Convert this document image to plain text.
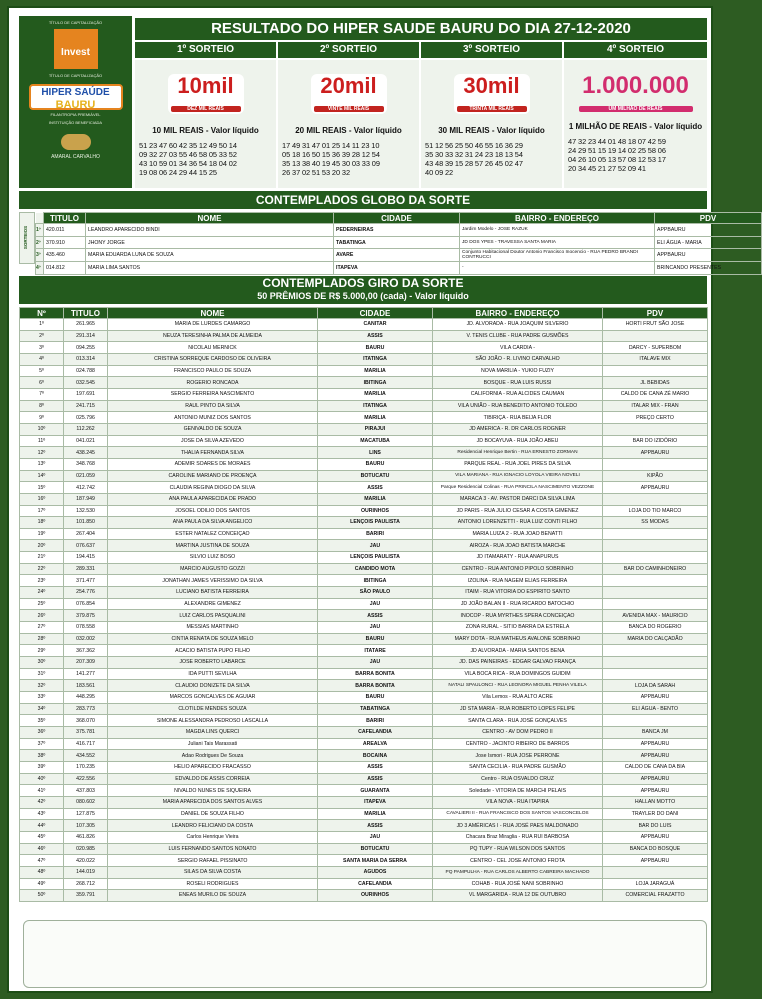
TÍTULO DE CAPITALIZAÇÃO
Invest
TÍTULO DE CAPITALIZAÇÃO
HIPER SAÚDE
BAURU
FILANTROPIA PREMIÁVEL
INSTITUIÇÃO BENEFICIADA
AMARAL CARVALHO
RESULTADO DO HIPER SAUDE BAURU DO DIA 27-12-2020
1º SORTEIO	2º SORTEIO	3º SORTEIO	4º SORTEIO
10mil
DEZ MIL REAIS
10 MIL REAIS - Valor líquido
51 23 47 60 42 35 12 49 50 14
09 32 27 03 55 46 58 05 33 52
43 10 59 01 34 36 54 18 04 02
19 08 06 24 29 44 15 25
20mil
VINTE MIL REAIS
20 MIL REAIS - Valor líquido
17 49 31 47 01 25 14 11 23 10
05 18 16 50 15 36 39 28 12 54
35 13 38 40 19 45 30 03 33 09
26 37 02 51 53 20 32
30mil
TRINTA MIL REAIS
30 MIL REAIS - Valor líquido
51 12 56 25 50 46 55 16 36 29
35 30 33 32 31 24 23 18 13 54
43 48 39 15 28 57 26 45 02 47
40 09 22
1.000.000
UM MILHÃO DE REAIS
1 MILHÃO DE REAIS - Valor líquido
47 32 23 44 01 48 18 07 42 59
24 29 51 15 19 14 02 25 58 06
04 26 10 05 13 57 08 12 53 17
20 34 45 21 27 52 09 41
CONTEMPLADOS GLOBO DA SORTE
SORTEIOS
	TITULO	NOME	CIDADE	BAIRRO - ENDEREÇO	PDV
1º	420.011	LEANDRO APARECIDO BINDI	PEDERNEIRAS	Jardim Modelo - JOSE RAZUK	APPBAURU
2º	370.910	JHONY JORGE	TABATINGA	JD DOS YPES - TRAVESSA SANTA MARIA	ELI ÁGUA - MARIA
3º	435.460	MARIA EDUARDA LUNA DE SOUZA	AVARE	Conjunto Habitacional Doutor Antonio Francisco Inocencio - RUA PEDRO BRANDI CONTRUCCI	APPBAURU
4º	014.812	MARIA LIMA SANTOS	ITAPEVA	-	BRINCANDO PRESENTES
CONTEMPLADOS GIRO DA SORTE
50 PRÊMIOS DE R$ 5.000,00 (cada) - Valor líquido
Nº	TITULO	NOME	CIDADE	BAIRRO - ENDEREÇO	PDV
1º	261.965	MARIA DE LURDES CAMARGO	CANITAR	JD. ALVORADA - RUA JOAQUIM SILVERIO	HORTI FRUT SÃO JOSE
2º	291.314	NEUZA TERESINHA PALMA DE ALMEIDA	ASSIS	V. TENIS CLUBE - RUA PADRE GUSMÕES	
3º	094.255	NICOLAU MERNICK	BAURU	VILA CARDIA -	DARCY - SUPERBOM
4º	013.314	CRISTINA SORREQUE CARDOSO DE OLIVEIRA	ITATINGA	SÃO JOÃO - R. LIVINO CARVALHO	ITALAVE MIX
5º	024.788	FRANCISCO PAULO DE SOUZA	MARILIA	NOVA MARILIA - YUKIO FUZIY	
6º	032.545	ROGERIO RONCADA	IBITINGA	BOSQUE - RUA LUIS RUSSI	JL BEBIDAS
7º	197.691	SERGIO FERREIRA NASCIMENTO	MARILIA	CALIFORNIA - RUA ALCIDES CAUMAN	CALDO DE CANA ZÉ MARIO
8º	241.715	RAUL PINTO DA SILVA	ITATINGA	VILA UNIÃO - RUA BENEDITO ANTONIO TOLEDO	ITALAR MIX - FRAN
9º	025.796	ANTONIO MUNIZ DOS SANTOS	MARILIA	TIBIRIÇA - RUA BEIJA FLOR	PREÇO CERTO
10º	112.262	GENIVALDO DE SOUZA	PIRAJUI	JD AMERICA - R. DR CARLOS ROGNER	
11º	041.021	JOSE DA SILVA AZEVEDO	MACATUBA	JD BOCAYUVA - RUA JOÃO ABEU	BAR DO IZIDÓRIO
12º	438.245	THALIA FERNANDA SILVA	LINS	Residencial Henrique Bertin - RUA ERNESTO ZORMAN	APPBAURU
13º	348.768	ADEMIR SOARES DE MORAES	BAURU	PARQUE REAL - RUA JOEL PIRES DA SILVA	
14º	021.059	CAROLINE MARIANO DE PROENÇA	BOTUCATU	VILA MARIANA - RUA IGNACIO LOYOLA VIEIRA NOVELI	KIPÃO
15º	412.742	CLAUDIA REGINA DIOGO DA SILVA	ASSIS	Parque Residencial Colinas - RUA PRINCILA NASCIMENTO VEZZONE	APPBAURU
16º	187.949	ANA PAULA APARECIDA DE PRADO	MARILIA	MARACA 3 - AV. PASTOR DARCI DA SILVA LIMA	
17º	132.530	JOSOEL ODILIO DOS SANTOS	OURINHOS	JD PARIS - RUA JULIO CESAR A COSTA GIMENEZ	LOJA DO TIO MARCO
18º	101.850	ANA PAULA DA SILVA ANGELICO	LENÇOIS PAULISTA	ANTONIO LORENZETTI - RUA LUIZ CONTI FILHO	SS MODAS
19º	267.404	ESTER NATALEZ CONCEIÇAO	BARIRI	MARIA LUIZA 2 - RUA JOAO BENATTI	
20º	076.637	MARTINA JUSTINA DE SOUZA	JAU	AIROZA - RUA JOAO BATISTA MARCHE	
21º	194.415	SILVIO LUIZ BOSO	LENÇOIS PAULISTA	JD ITAMARATY - RUA ANAPURUS	
22º	289.331	MARCIO AUGUSTO GOZZI	CANDIDO MOTA	CENTRO - RUA ANTONIO PIPOLO SOBRINHO	BAR DO CAMINHONEIRO
23º	371.477	JONATHAN JAMES VERISSIMO DA SILVA	IBITINGA	IZOLINA - RUA NAGEM ELIAS FERREIRA	
24º	254.776	LUCIANO BATISTA FERREIRA	SÃO PAULO	ITAIM - RUA VITORIA DO ESPIRITO SANTO	
25º	076.854	ALEXANDRE GIMENEZ	JAU	JD JOÃO BALAN II - RUA RICARDO BATOCHIO	
26º	379.875	LUIZ CARLOS PASQUALINI	ASSIS	INOCOP - RUA MYRTHES SPERA CONCEIÇAO	AVENIDA MAX - MAURICIO
27º	078.558	MESSIAS MARTINHO	JAU	ZONA RURAL - SITIO BARRA DA ESTRELA	BANCA DO ROGERIO
28º	032.002	CINTIA RENATA DE SOUZA MELO	BAURU	MARY DOTA - RUA MATHEUS AVALONE SOBRINHO	MARIA DO CALÇADÃO
29º	367.362	ACACIO BATISTA PUPO FILHO	ITATARE	JD ALVORADA - MARIA SANTOS BENA	
30º	207.309	JOSE ROBERTO LABARCE	JAU	JD. DAS PAINEIRAS - EDGAR GALVAO FRANÇA	
31º	141.277	IDA PUTTI SEVILHA	BARRA BONITA	VILA BOCA RICA - RUA DOMINGOS GUIDIM	
32º	183.561	CLAUDIO DONIZETE DA SILVA	BARRA BONITA	NATALI SPAULONCI - RUA LEONORA MIGUEL PENHA VILELA	LOJA DA SARAH
33º	448.295	MARCOS GONCALVES DE AGUIAR	BAURU	Vila Lemos - RUA ALTO ACRE	APPBAURU
34º	283.773	CLOTILDE MENDES SOUZA	TABATINGA	JD STA MARIA - RUA ROBERTO LOPES FELIPE	ELI ÁGUA - BENTO
35º	368.070	SIMONE ALESSANDRA PEDROSO LASCALLA	BARIRI	SANTA CLARA - RUA JOSÉ GONÇALVES	
36º	375.781	MAGDA LINS QUERCI	CAFELANDIA	CENTRO - AV DOM PEDRO II	BANCA JM
37º	416.717	Juliani Tais Marassati	AREALVA	CENTRO - JACINTO RIBEIRO DE BARROS	APPBAURU
38º	434.552	Adao Rodrigues De Souza	BOCAINA	Jose Ismori - RUA JOSE PERRONE	APPBAURU
39º	170.235	HELIO APARECIDO FRACASSO	ASSIS	SANTA CECILIA - RUA PADRE GUSMÃO	CALDO DE CANA DA BIA
40º	422.556	EDVALDO DE ASSIS CORREIA	ASSIS	Centro - RUA OSVALDO CRUZ	APPBAURU
41º	437.803	NIVALDO NUNES DE SIQUEIRA	GUARANTA	Soledade - VITORIA DE MARCHI PELAIS	APPBAURU
42º	080.602	MARIA APARECIDA DOS SANTOS ALVES	ITAPEVA	VILA NOVA - RUA ITAPIRA	HALLAN MOTTO
43º	127.875	DANIEL DE SOUZA FILHO	MARILIA	CAVALIERI II - RUA FRANCISCO DOS SANTOS VASCONCELOS	TRAYLER DO DANI
44º	107.305	LEANDRO FELICIANO DA COSTA	ASSIS	JD 3 AMÉRICAS I - RUA JOSÉ PAES MALDONADO	BAR DO LUIS
45º	461.826	Carlos Henrique Vieira	JAU	Chacara Braz Miraglia - RUA RUI BARBOSA	APPBAURU
46º	020.985	LUIS FERNANDO SANTOS NONATO	BOTUCATU	PQ TUPY - RUA WILSON DOS SANTOS	BANCA DO BOSQUE
47º	420.022	SERGIO RAFAEL PISSINATO	SANTA MARIA DA SERRA	CENTRO - CEL JOSE ANTONIO FROTA	APPBAURU
48º	144.019	SILAS DA SILVA COSTA	AGUDOS	PQ PAMPULHA - RUA CARLOS ALBERTO CABREIRA MACHADO	
49º	268.712	ROSELI RODRIGUES	CAFELANDIA	COHAB - RUA JOSÉ NANI SOBRINHO	LOJA JARAGUÁ
50º	359.791	ENEAS MURILO DE SOUZA	OURINHOS	VL MARGARIDA - RUA 12 DE OUTUBRO	COMERCIAL FRAZATTO
